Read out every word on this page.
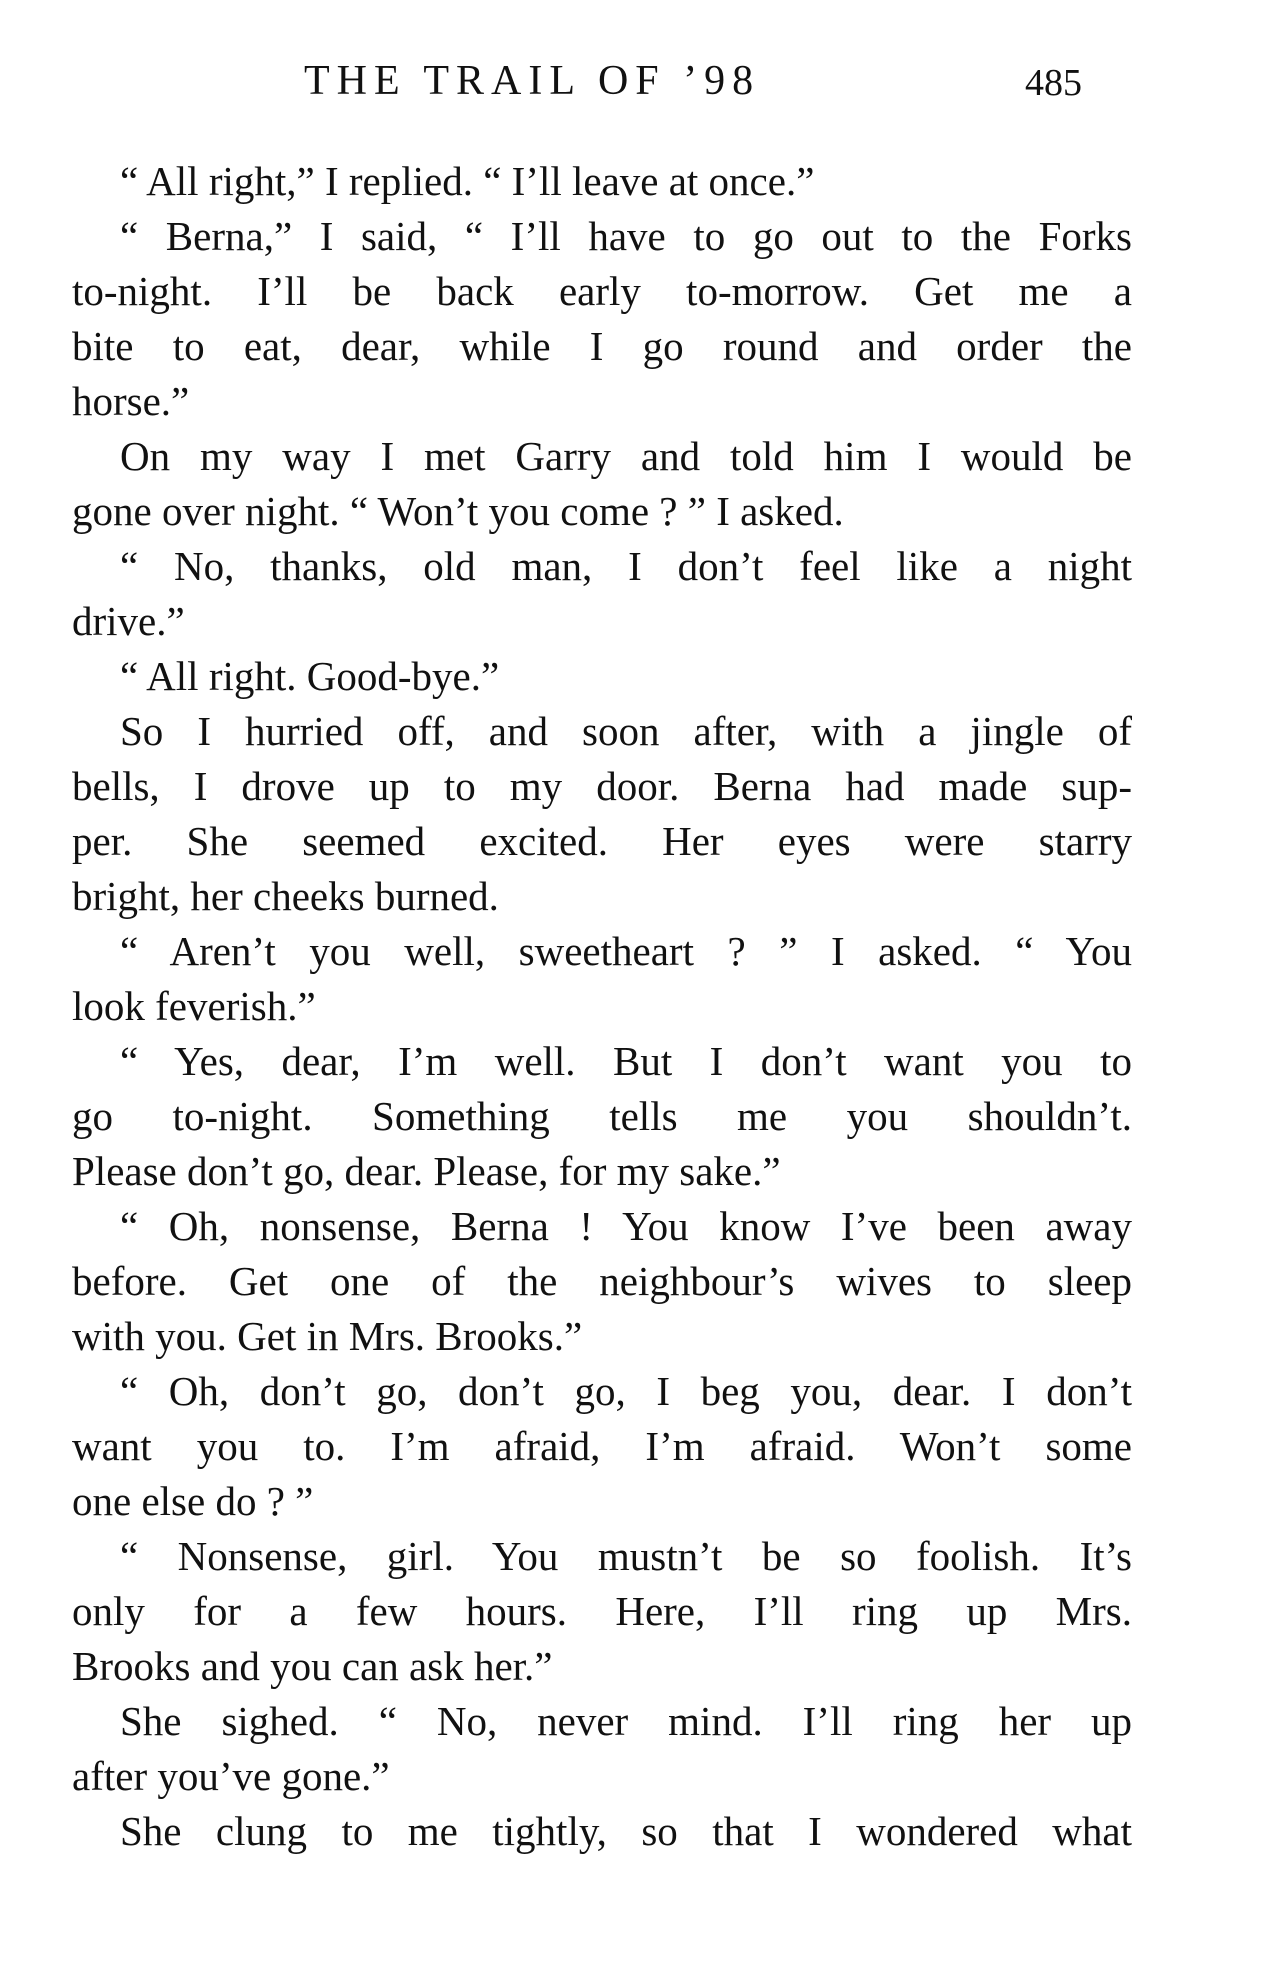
THE TRAIL OF ’98	485
“ All right,” I replied. “ I’ll leave at once.”
“ Berna,” I said, “ I’ll have to go out to the Forks
to-night. I’ll be back early to-morrow. Get me a
bite to eat, dear, while I go round and order the
horse.”
On my way I met Garry and told him I would be
gone over night. “ Won’t you come ? ” I asked.
“ No, thanks, old man, I don’t feel like a night
drive.”
“ All right. Good-bye.”
So I hurried off, and soon after, with a jingle of
bells, I drove up to my door. Berna had made sup-
per. She seemed excited. Her eyes were starry
bright, her cheeks burned.
“ Aren’t you well, sweetheart ? ” I asked. “ You
look feverish.”
“ Yes, dear, I’m well. But I don’t want you to
go to-night. Something tells me you shouldn’t.
Please don’t go, dear. Please, for my sake.”
“ Oh, nonsense, Berna ! You know I’ve been away
before. Get one of the neighbour’s wives to sleep
with you. Get in Mrs. Brooks.”
“ Oh, don’t go, don’t go, I beg you, dear. I don’t
want you to. I’m afraid, I’m afraid. Won’t some
one else do ? ”
“ Nonsense, girl. You mustn’t be so foolish. It’s
only for a few hours. Here, I’ll ring up Mrs.
Brooks and you can ask her.”
She sighed. “ No, never mind. I’ll ring her up
after you’ve gone.”
She clung to me tightly, so that I wondered what
